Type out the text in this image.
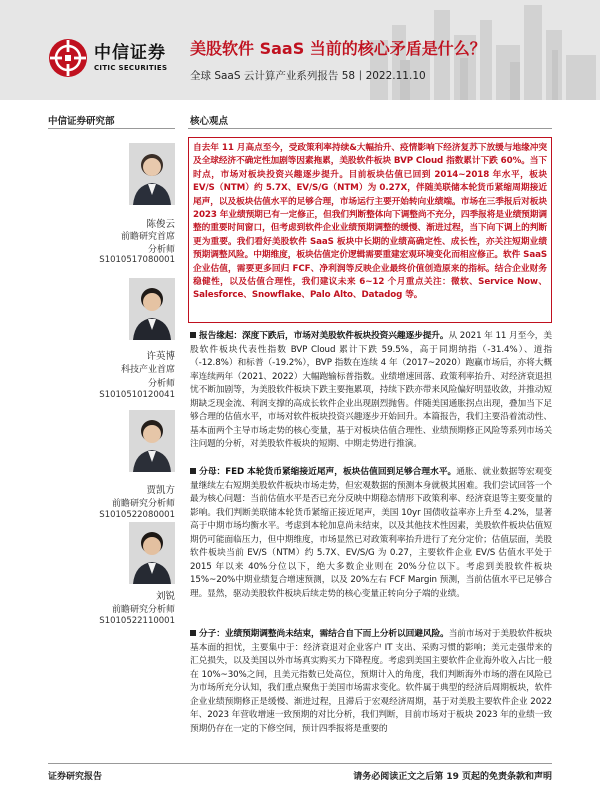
中信证券
CITIC SECURITIES
美股软件 SaaS 当前的核心矛盾是什么？
全球 SaaS 云计算产业系列报告 58丨2022.11.10
中信证券研究部
陈俊云
前瞻研究首席
分析师
S1010517080001
许英博
科技产业首席
分析师
S1010510120041
贾凯方
前瞻研究分析师
S1010522080001
刘锐
前瞻研究分析师
S1010522110001
核心观点

自去年 11 月高点至今，受政策利率持续&大幅抬升、疫情影响下经济复苏下放缓与地缘冲突及全球经济不确定性加剧等因素拖累，美股软件板块 BVP Cloud 指数累计下跌 60%。当下时点，市场对板块投资兴趣逐步提升。目前板块估值已回到 2014~2018 年水平，板块 EV/S（NTM）约 5.7X、EV/S/G（NTM）为 0.27X，伴随美联储本轮货币紧缩周期接近尾声，以及板块估值水平的足够合理，市场运行主要开始转向业绩端。市场在三季报后对板块 2023 年业绩预期已有一定修正，但我们判断整体向下调整尚不充分，四季报将是业绩预期调整的重要时间窗口，但考虑到软件企业业绩预期调整的缓慢、渐进过程，当下向下调上的判断更为重要。我们看好美股软件 SaaS 板块中长期的业绩高确定性、成长性，亦关注短期业绩预期调整风险。中期维度，板块估值定价逻辑需要重建宏观环境变化而相应修正。软件 SaaS 企业估值，需要更多回归 FCF、净利润等反映企业最终价值创造原来的指标。结合企业财务稳健性，以及估值合理性，我们建议未来 6~12 个月重点关注：微软、Service Now、Salesforce、Snowflake、Palo Alto、Datadog 等。

报告缘起：深度下跌后，市场对美股软件板块投资兴趣逐步提升。从 2021 年 11 月至今，美股软件板块代表性指数 BVP Cloud 累计下跌 59.5%，高于同期纳指（-31.4%）、道指（-12.8%）和标普（-19.2%），BVP 指数在连续 4 年（2017~2020）跑赢市场后，亦将大概率连续两年（2021、2022）大幅跑输标普指数。业绩增速回落、政策利率抬升、对经济衰退担忧不断加剧等，为美股软件板块下跌主要拖累项，持续下跌亦带来风险偏好明显收敛，并推动短期缺乏现金流、利润支撑的高成长软件企业出现剧烈抛售。伴随美国通胀拐点出现，叠加当下足够合理的估值水平，市场对软件板块投资兴趣逐步开始回升。本篇报告，我们主要沿着流动性、基本面两个主导市场走势的核心变量，基于对板块估值合理性、业绩预期修正风险等系列市场关注问题的分析，对美股软件板块的短期、中期走势进行推演。
分母：FED 本轮货币紧缩接近尾声，板块估值回到足够合理水平。通胀、就业数据等宏观变量继续左右短期美股软件板块市场走势，但宏观数据的预测本身就极其困难。我们尝试回答一个最为核心问题：当前估值水平是否已充分反映中期稳态情形下政策利率、经济衰退等主要变量的影响。我们判断美联储本轮货币紧缩正接近尾声，美国 10yr 国债收益率亦上升至 4.2%，显著高于中期市场均衡水平。考虑到本轮加息尚未结束，以及其他技术性因素，美股软件板块估值短期仍可能面临压力，但中期维度，市场显然已对政策利率抬升进行了充分定价；估值层面，美股软件板块当前 EV/S（NTM）约 5.7X、EV/S/G 为 0.27，主要软件企业 EV/S 估值水平处于 2015 年以来 40%分位以下，绝大多数企业则在 20%分位以下。考虑到美股软件板块 15%~20%中期业绩复合增速预测，以及 20%左右 FCF Margin 预测，当前估值水平已足够合理。显然，驱动美股软件板块后续走势的核心变量正转向分子端的业绩。
分子：业绩预期调整尚未结束，需结合自下而上分析以回避风险。当前市场对于美股软件板块基本面的担忧，主要集中于：经济衰退对企业客户 IT 支出、采购习惯的影响；美元走强带来的汇兑损失，以及美国以外市场真实购买力下降程度。考虑到美国主要软件企业海外收入占比一般在 10%~30%之间，且美元指数已处高位，预期计入的角度，我们判断海外市场的潜在风险已为市场所充分认知，我们重点聚焦于美国市场需求变化。软件属于典型的经济后周期板块，软件企业业绩预期修正是缓慢、渐进过程，且滞后于宏观经济周期，基于对美股主要软件企业 2022 年、2023 年营收增速一致预期的对比分析，我们判断，目前市场对于板块 2023 年的业绩一致预期仍存在一定的下修空间，预计四季报将是重要的
证券研究报告	请务必阅读正文之后第 19 页起的免责条款和声明
